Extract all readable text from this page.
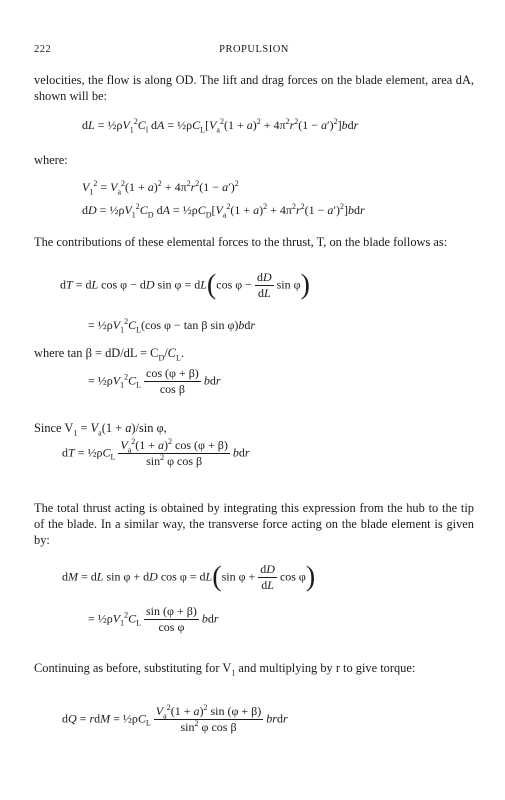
222	PROPULSION
velocities, the flow is along OD. The lift and drag forces on the blade element, area dA, shown will be:
dL = $\frac{1}{2}\rho V_1^2C_l$ dA = $\frac{1}{2}\rho C_L[V_a^2(1 + a)^2 + 4\pi^2r^2(1 - a')^2]bdr$
where:
$V_1^2 = V_a^2(1 + a)^2 + 4\pi^2r^2(1 - a')^2$
dD = $\frac{1}{2}\rho V_1^2C_D$ dA = $\frac{1}{2}\rho C_D[V_a^2(1 + a)^2 + 4\pi^2r^2(1 - a')^2]bdr$
The contributions of these elemental forces to the thrust, T, on the blade follows as:
dT = dL cos φ − dD sin φ = dL(cos $\varphi - \frac{dD}{dL}$ sin φ)
= $\frac{1}{2}\rho V_1^2C_L(\cos$ φ − tan β sin φ)bdr
where $\tan \beta = dD/dL = C_D/C_L$.
= $\frac{1}{2}\rho V_1^2C_L \frac{\cos (\varphi + \beta)}{\text{cos β}}$ bdr
Since $V_1 = V_a(1 + a)/\sin$ φ,
dT = $\frac{1}{2}\rho C_L \frac{V_a^2(1 + a)^2 \cos (\varphi + \beta)}{\sin^2 \varphi \cos \beta}$ bdr
The total thrust acting is obtained by integrating this expression from the hub to the tip of the blade. In a similar way, the transverse force acting on the blade element is given by:
dM = dL sin φ + dD cos φ = dL(sin $\varphi + \frac{dD}{dL}$ cos φ)
= $\frac{1}{2}\rho V_1^2C_L \frac{\sin (\varphi + \beta)}{\text{cos φ}}$ bdr
Continuing as before, substituting for $V_1$ and multiplying by r to give torque:
dQ = rdM = $\frac{1}{2}\rho C_L \frac{V_a^2(1 + a)^2 \sin (\varphi + \beta)}{\sin^2 \varphi \cos \beta}$ brdr
